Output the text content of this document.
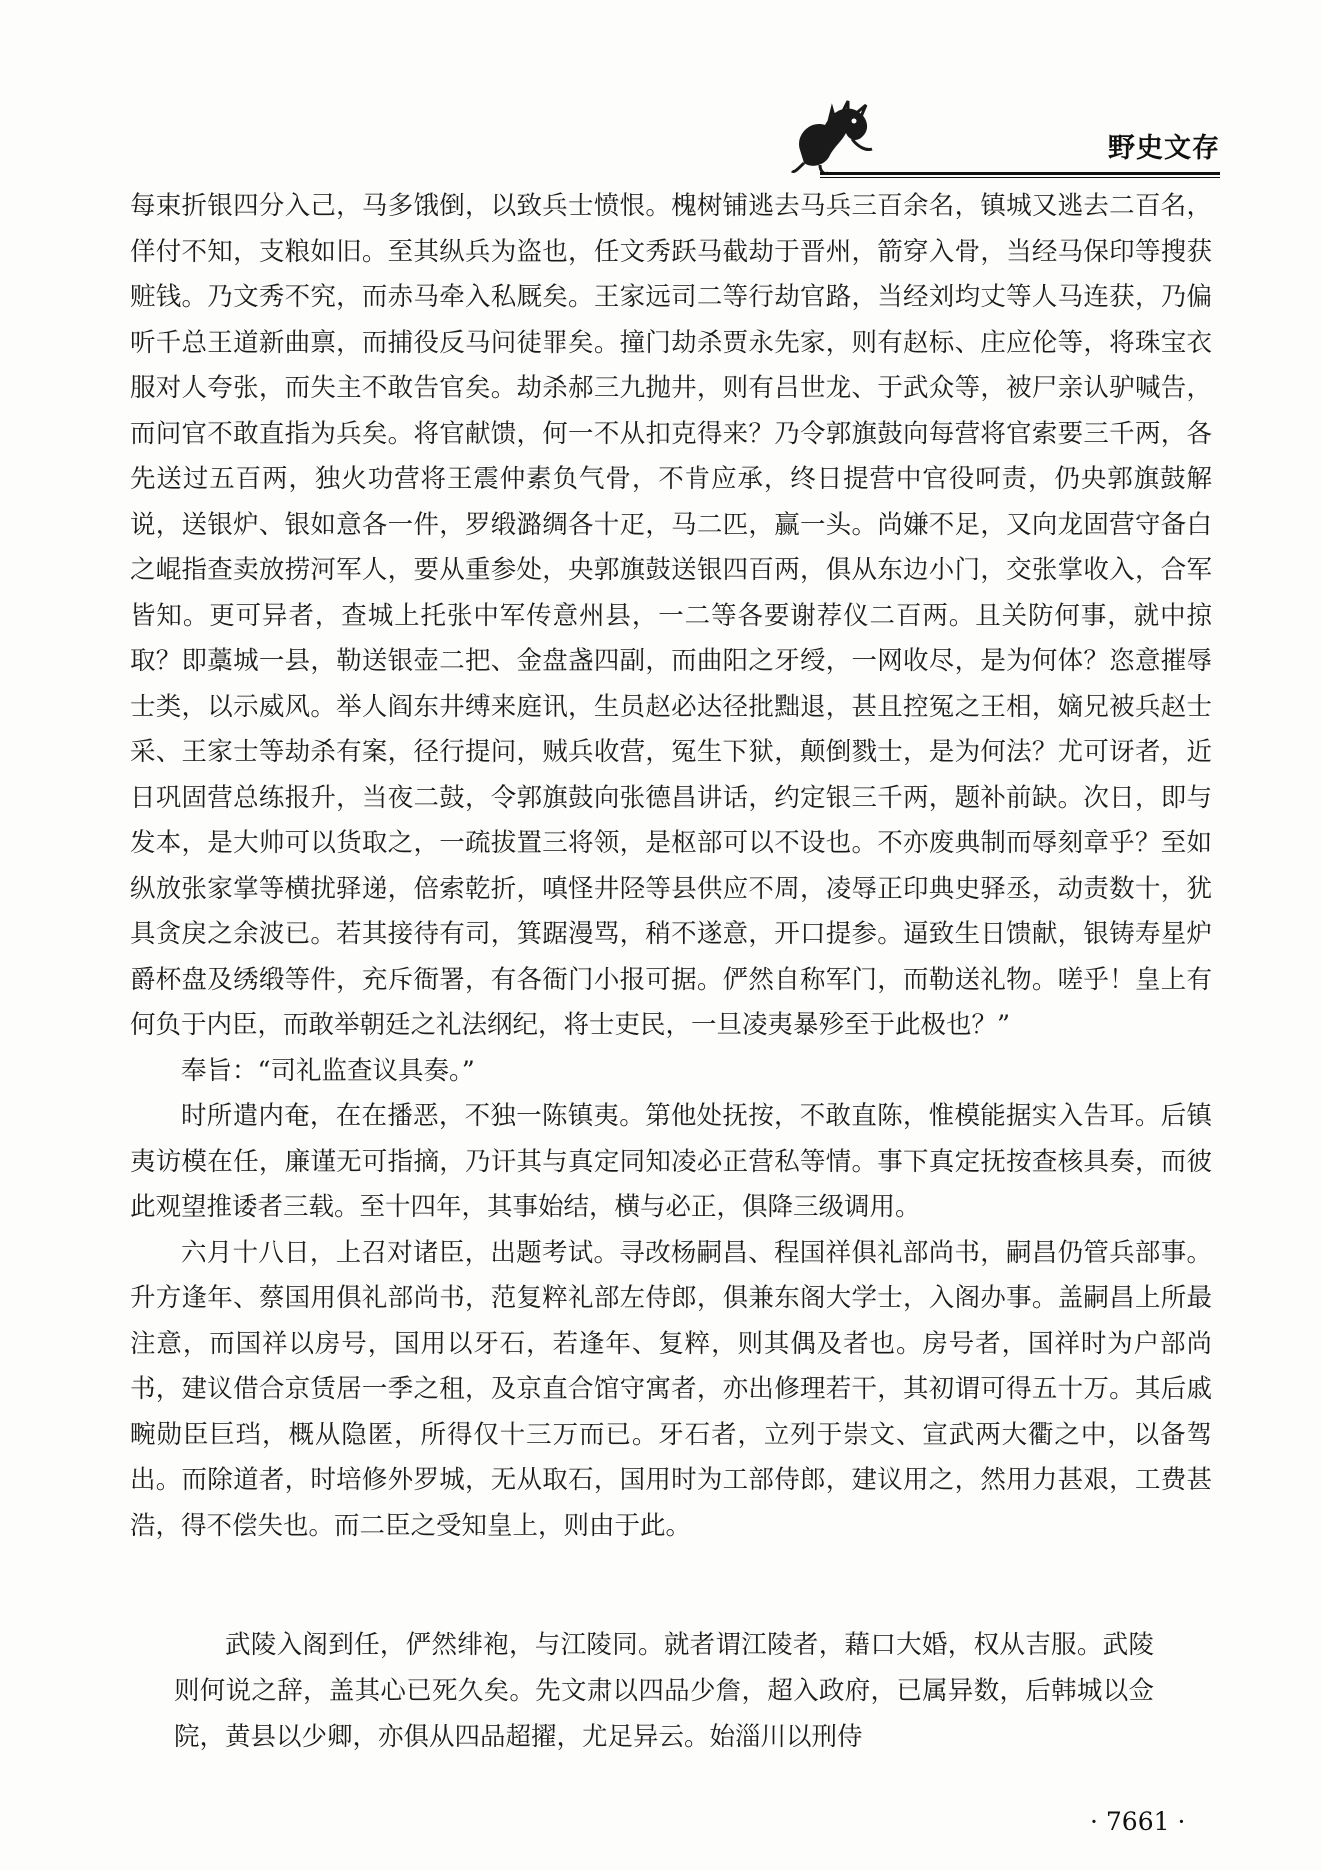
野史文存

每束折银四分入己，马多饿倒，以致兵士愤恨。槐树铺逃去马兵三百余名，镇城又逃去二百名，佯付不知，支粮如旧。至其纵兵为盗也，任文秀跃马截劫于晋州，箭穿入骨，当经马保印等搜获赃钱。乃文秀不究，而赤马牵入私厩矣。王家远司二等行劫官路，当经刘均丈等人马连获，乃偏听千总王道新曲禀，而捕役反马问徒罪矣。撞门劫杀贾永先家，则有赵标、庄应伦等，将珠宝衣服对人夸张，而失主不敢告官矣。劫杀郝三九抛井，则有吕世龙、于武众等，被尸亲认驴喊告，而问官不敢直指为兵矣。将官献馈，何一不从扣克得来？乃令郭旗鼓向每营将官索要三千两，各先送过五百两，独火功营将王震仲素负气骨，不肯应承，终日提营中官役呵责，仍央郭旗鼓解说，送银炉、银如意各一件，罗缎潞绸各十疋，马二匹，赢一头。尚嫌不足，又向龙固营守备白之崐指查卖放捞河军人，要从重参处，央郭旗鼓送银四百两，俱从东边小门，交张掌收入，合军皆知。更可异者，查城上托张中军传意州县，一二等各要谢荐仪二百两。且关防何事，就中掠取？即藁城一县，勒送银壶二把、金盘盏四副，而曲阳之牙绶，一网收尽，是为何体？恣意摧辱士类，以示威风。举人阎东井缚来庭讯，生员赵必达径批黜退，甚且控冤之王相，嫡兄被兵赵士采、王家士等劫杀有案，径行提问，贼兵收营，冤生下狱，颠倒戮士，是为何法？尤可讶者，近日巩固营总练报升，当夜二鼓，令郭旗鼓向张德昌讲话，约定银三千两，题补前缺。次日，即与发本，是大帅可以货取之，一疏拔置三将领，是枢部可以不设也。不亦废典制而辱刻章乎？至如纵放张家掌等横扰驿递，倍索乾折，嗔怪井陉等县供应不周，凌辱正印典史驿丞，动责数十，犹具贪戾之余波已。若其接待有司，箕踞漫骂，稍不遂意，开口提参。逼致生日馈献，银铸寿星炉爵杯盘及绣缎等件，充斥衙署，有各衙门小报可据。俨然自称军门，而勒送礼物。嗟乎！皇上有何负于内臣，而敢举朝廷之礼法纲纪，将士吏民，一旦凌夷暴殄至于此极也？”

奉旨：“司礼监查议具奏。”

时所遣内奄，在在播恶，不独一陈镇夷。第他处抚按，不敢直陈，惟模能据实入告耳。后镇夷访模在任，廉谨无可指摘，乃讦其与真定同知凌必正营私等情。事下真定抚按查核具奏，而彼此观望推诿者三载。至十四年，其事始结，横与必正，俱降三级调用。

六月十八日，上召对诸臣，出题考试。寻改杨嗣昌、程国祥俱礼部尚书，嗣昌仍管兵部事。升方逢年、蔡国用俱礼部尚书，范复粹礼部左侍郎，俱兼东阁大学士，入阁办事。盖嗣昌上所最注意，而国祥以房号，国用以牙石，若逢年、复粹，则其偶及者也。房号者，国祥时为户部尚书，建议借合京赁居一季之租，及京直合馆守寓者，亦出修理若干，其初谓可得五十万。其后戚畹勋臣巨珰，概从隐匿，所得仅十三万而已。牙石者，立列于崇文、宣武两大衢之中，以备驾出。而除道者，时培修外罗城，无从取石，国用时为工部侍郎，建议用之，然用力甚艰，工费甚浩，得不偿失也。而二臣之受知皇上，则由于此。

武陵入阁到任，俨然绯袍，与江陵同。就者谓江陵者，藉口大婚，权从吉服。武陵则何说之辞，盖其心已死久矣。先文肃以四品少詹，超入政府，已属异数，后韩城以佥院，黄县以少卿，亦俱从四品超擢，尤足异云。始淄川以刑侍

· 7661 ·
